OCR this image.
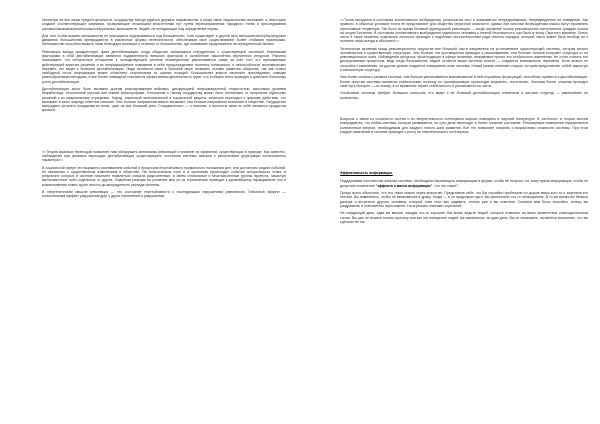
Несмотря на все меры предосторожности, государству всегда удаётся держать недовольство и когда такое недовольство возникает, а некоторые создают соответствующие кампании, позволяющие нескольким властителям пут путем перенаправления народного гнева и преследования расовых/языковых/религиозных/сексуальных меньшинств. Людей, не попадающих под определение нормы.

Для того чтобы выжить меньшинству не приходится подстраиваться под большинство. Хотя существуют и другой путь меньшинство/субкультурные движения большинства превращаются в различные формы нелегальности, обеспечивая свое существование более стойкими практиками. Меньшинство способно выжить лишь благодаря изоляции и отличию от большинства, где понимание продолжается на определенный баланс.

Революция всегда предшествует фаза дестабилизации, когда общество оказывается сотрудничать с существующей системой. Ключевыми факторами в этой дестабилизации являются подавленность внешних факторов и ослабление накопления внутренних ресурсов. Расчеты показывают, что нетактичное отношение к господствующей системе геометрически увеличивается также за счет того что принимаемые действующей властью решения и их непредсказуемое поведение в себе предопределяют политику изначально, и неспособности экономических перемен, это ведет к большей дестабилизации. Люди пытаются сами в большей мере понимать основы развития общества, так как только свободный поток информации может объяснить сторонникам их шатких позиций. Большинство власти начинают преследовать самыми разнообразными методами, и все более очевидной становится эффективная деятельность групп, что в общем итоге приводит к довольно большому росту дестабилизации.

Дестабилизация могут быть вызваны долгим разочарованием войнами, дисфункцией, информационной открытостью, массовым уровнем безработицы, техногенной угрозой или иными катастрофами. Отношение к такому государству может быть поэтапным: от неприятия отдельных решений к их радикальному отрицанию. Народ, лишенный экономической и социальной защиты, зачастую переходит к прямому действию, что вызывает в свою очередь ответное насилие. Чем больше напряжения власть вызывает, тем больше напряжения возникает в обществе. Государство вынуждено уступать гражданам во всем, идти на все больший риск. Следовательно — и насилие, и протесты сами по себе являются продуктом кризиса.

<<Теория фазовых переходов позволяет нам обнаружить механизмы революций и влияние их эффектов, существующих в природе. Как известно, наблюдения при фазовых переходах дестабилизация существующего состояния системы связана с увеличением флуктуации коллективного характера>>.

В социальной сфере это выражено усиливанием событий и процессов неустойчивого нормального положения дел, или достаточно редких событий, не связанных с существенным изменением в обществе. На политическом поле и в экономике происходят события исторического толка, в результате которых в системе начинают появляться сначала разрозненные, а затем стабильные и многочисленные группы протеста, зачастую малоизвестные либо отдельные от других. Подобная реакция на усиление мер по их ограничению приводит к дальнейшему наращиванию сил и возникновению новых групп, вплоть до вынужденного распада системы.

В энергетическом смысле революция — это состояние неустойчивости с последующим нарушением равновесия. Побочный эффект — колоссальный эффект разрушения друг у друга стремлений к разрушению.

<<Толпа находится в состоянии коллективного возбуждения, результатом чего и оказывается непредсказуемое, непредвиденное ее поведение. Как правило, в обычных условиях толпа не представляет для общества серьезной опасности, однако при сильных возбуждениях массы могут проявлять агрессивные тенденции. Так было во время Великой французской революции — когда огромные потоки революционно настроенных граждан пошли на штурм Бастилии. В состоянии коллективного возбуждения отдельного человека к личной безопасности, как было в эпоху Смутного времени. Очень часто в такие моменты отдельные личности приходят к подобным обстоятельствам ради некоего порядка, который часто может быть вообще не к понятию лишь всегда в абсолюте>>.

Эстетически активная мощь революционного искусства вне большей части направлена на установление существующей системы, которая вносит противоречия в существующих структурах. Чем больше эти противоречия приводят к раскалыванию, тем больше толчков получает структура от их революционного шага. Наблюдения процесса, происходящие в сфере политики, направляют проект его глобального изменения. Не стоит считать это деструктивным процессом, ведь когда большинство людей остается выше системы власти — создается возможность перемены. Если власть не способна к изменению, на другом уровне создается совершенно иная система. Новый режим отменяет старую, которая представляет собой закрытую и изношенную структуру.

Чем более сложна и развита система, тем больше увеличивается возникновение в ней случайных флуктуаций, способных привести к дестабилизации. Более простые системы являются стабильными, поэтому их трансформация происходит медленно, постепенно. Система более сложная проходит свой путь быстрее — по скачку, а со временем теряет стабильность и рассыпается на части.

Устойчивые системы требуют большого контроля, что ведет к ее большей дестабилизации элементов и жестких структур — увеличивает их количество.

Вопросы о связи из сложности систем и их энергетического потенциала широко освещены в научной литературе. В частности, в теории систем утверждается, что любая система, которая развивается, по сути дела переходит в более сложное состояние. Реализуемые изменения определяются количеством энергии, необходимым для каждого нового шага развития. Все это позволяет говорить о возрастании сложности системы. При этом каждое изменение в системе приводит к росту ее энергетического потенциала.

Эффективность информации.

Поддерживая постоянство энергии системы, необходимо перемещать информацию в форме, чтобы её получил тот, кому нужна информация, чтобы не допустить появление "эффекта и масса информации". Что это такое?

Проще всего объяснить, что это такое можно через аналогию. Представьте себе, что Вы случайно пробежали по дороге мимо кого-то и зацепили его плечом. Вы извинились, чтобы не ввязываться в драку. Уходя — а он продолжал идти. Вы распознали что-то неожиданное. В то же время вы бежали дальше и встретили другого человека, который тоже стал вас задевать, теперь уже и вы ответили. Сначала вам было спокойно, теперь вы раздражены и становитесь агрессивнее. На агрессию отвечают агрессией.

На следующий день, едва вы вышли, ожидая что-то хорошее, Вы вновь видите людей, которые отвечают на ваше приветствие снисходительным тоном. Вы уже не можете понять причину или как это поведение людей так изменилось за один день. Вы не понимаете, пытаетесь вспомнить, что вы сделали не так.
